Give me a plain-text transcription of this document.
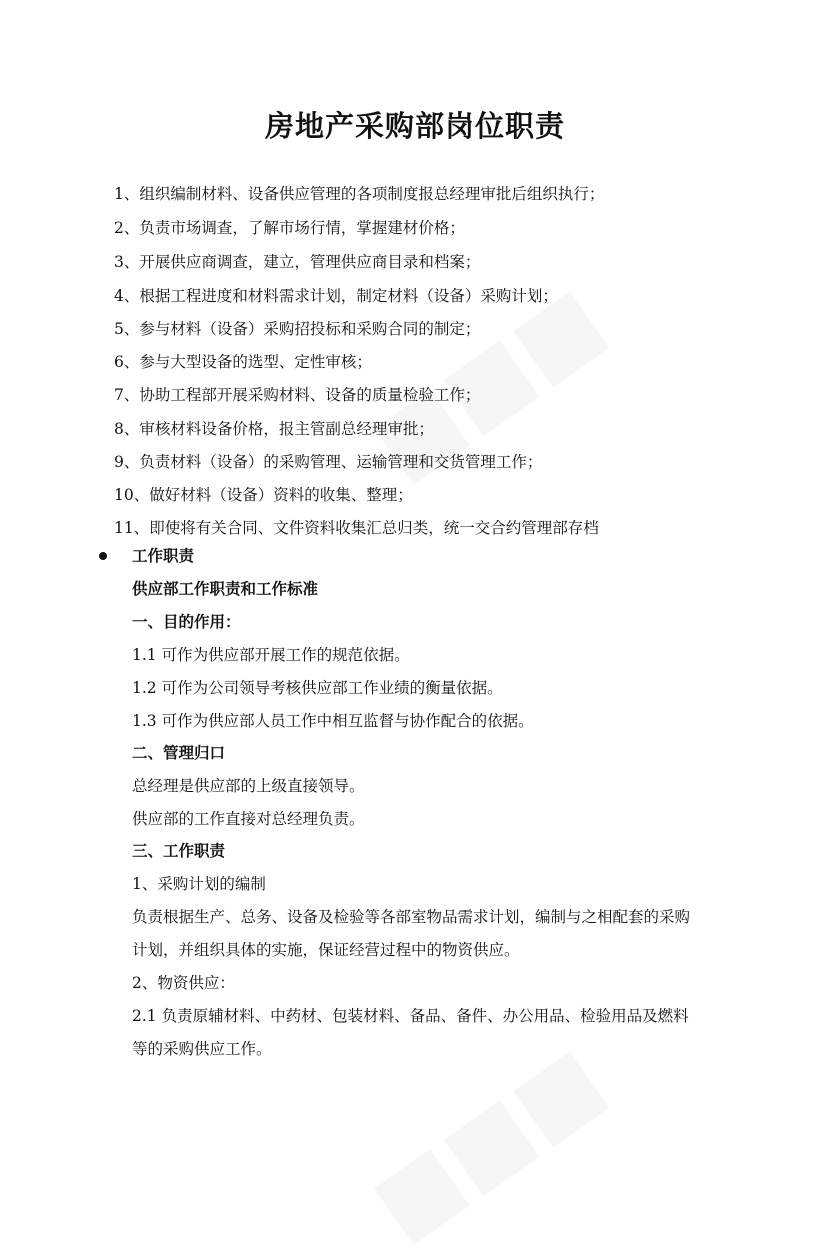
房地产采购部岗位职责
1、组织编制材料、设备供应管理的各项制度报总经理审批后组织执行；
2、负责市场调查，了解市场行情，掌握建材价格；
3、开展供应商调查，建立，管理供应商目录和档案；
4、根据工程进度和材料需求计划，制定材料（设备）采购计划；
5、参与材料（设备）采购招投标和采购合同的制定；
6、参与大型设备的选型、定性审核；
7、协助工程部开展采购材料、设备的质量检验工作；
8、审核材料设备价格，报主管副总经理审批；
9、负责材料（设备）的采购管理、运输管理和交货管理工作；
10、做好材料（设备）资料的收集、整理；
11、即使将有关合同、文件资料收集汇总归类，统一交合约管理部存档
工作职责
供应部工作职责和工作标准
一、目的作用：
1.1 可作为供应部开展工作的规范依据。
1.2 可作为公司领导考核供应部工作业绩的衡量依据。
1.3 可作为供应部人员工作中相互监督与协作配合的依据。
二、管理归口
总经理是供应部的上级直接领导。
供应部的工作直接对总经理负责。
三、工作职责
1、采购计划的编制
负责根据生产、总务、设备及检验等各部室物品需求计划，编制与之相配套的采购
计划，并组织具体的实施，保证经营过程中的物资供应。
2、物资供应：
2.1 负责原辅材料、中药材、包装材料、备品、备件、办公用品、检验用品及燃料
等的采购供应工作。
